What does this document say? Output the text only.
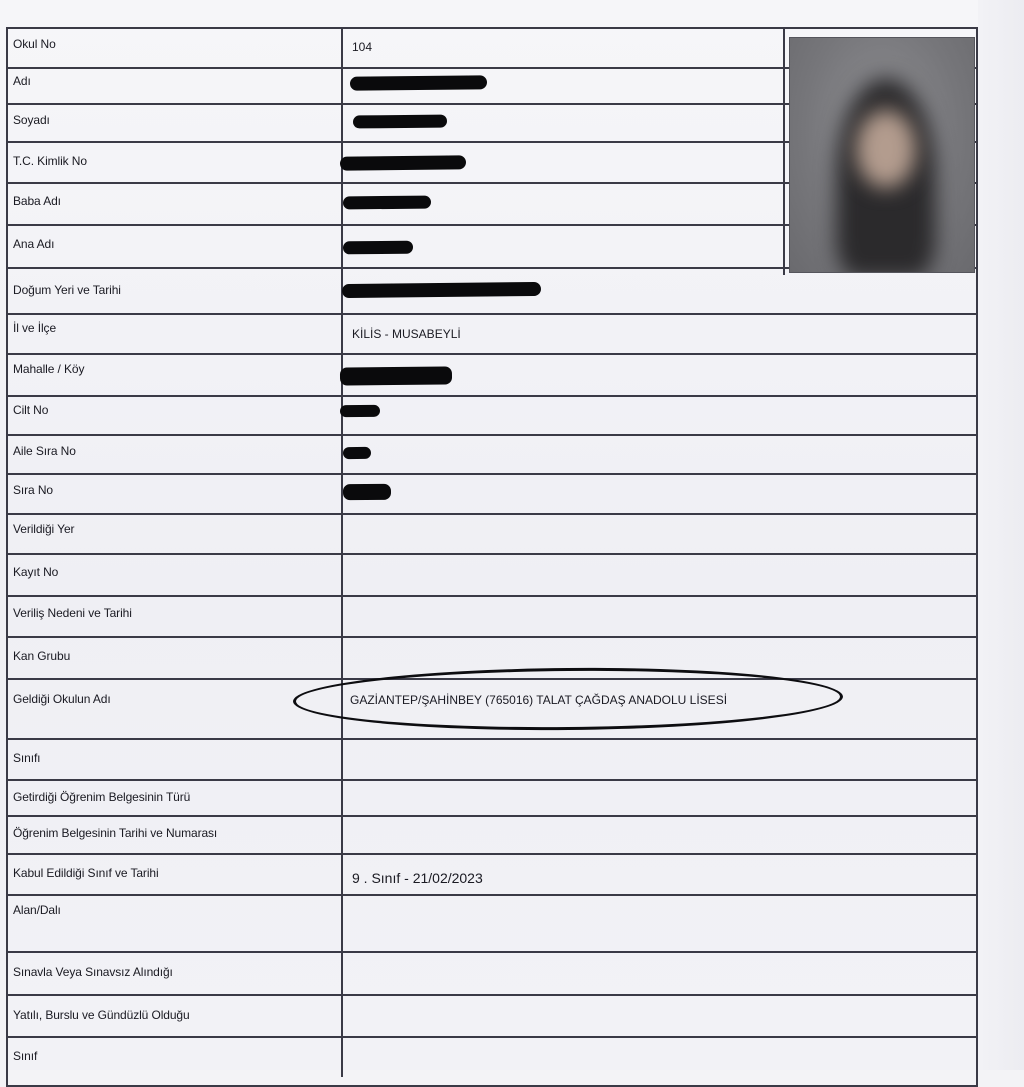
Okul No
Adı
Soyadı
T.C. Kimlik No
Baba Adı
Ana Adı
Doğum Yeri ve Tarihi
İl ve İlçe
Mahalle / Köy
Cilt No
Aile Sıra No
Sıra No
Verildiği Yer
Kayıt No
Veriliş Nedeni ve Tarihi
Kan Grubu
Geldiği Okulun Adı
Sınıfı
Getirdiği Öğrenim Belgesinin Türü
Öğrenim Belgesinin Tarihi ve Numarası
Kabul Edildiği Sınıf ve Tarihi
Alan/Dalı
Sınavla Veya Sınavsız Alındığı
Yatılı, Burslu ve Gündüzlü Olduğu
Sınıf
104
KİLİS - MUSABEYLİ
GAZİANTEP/ŞAHİNBEY (765016) TALAT ÇAĞDAŞ ANADOLU LİSESİ
9 . Sınıf - 21/02/2023
